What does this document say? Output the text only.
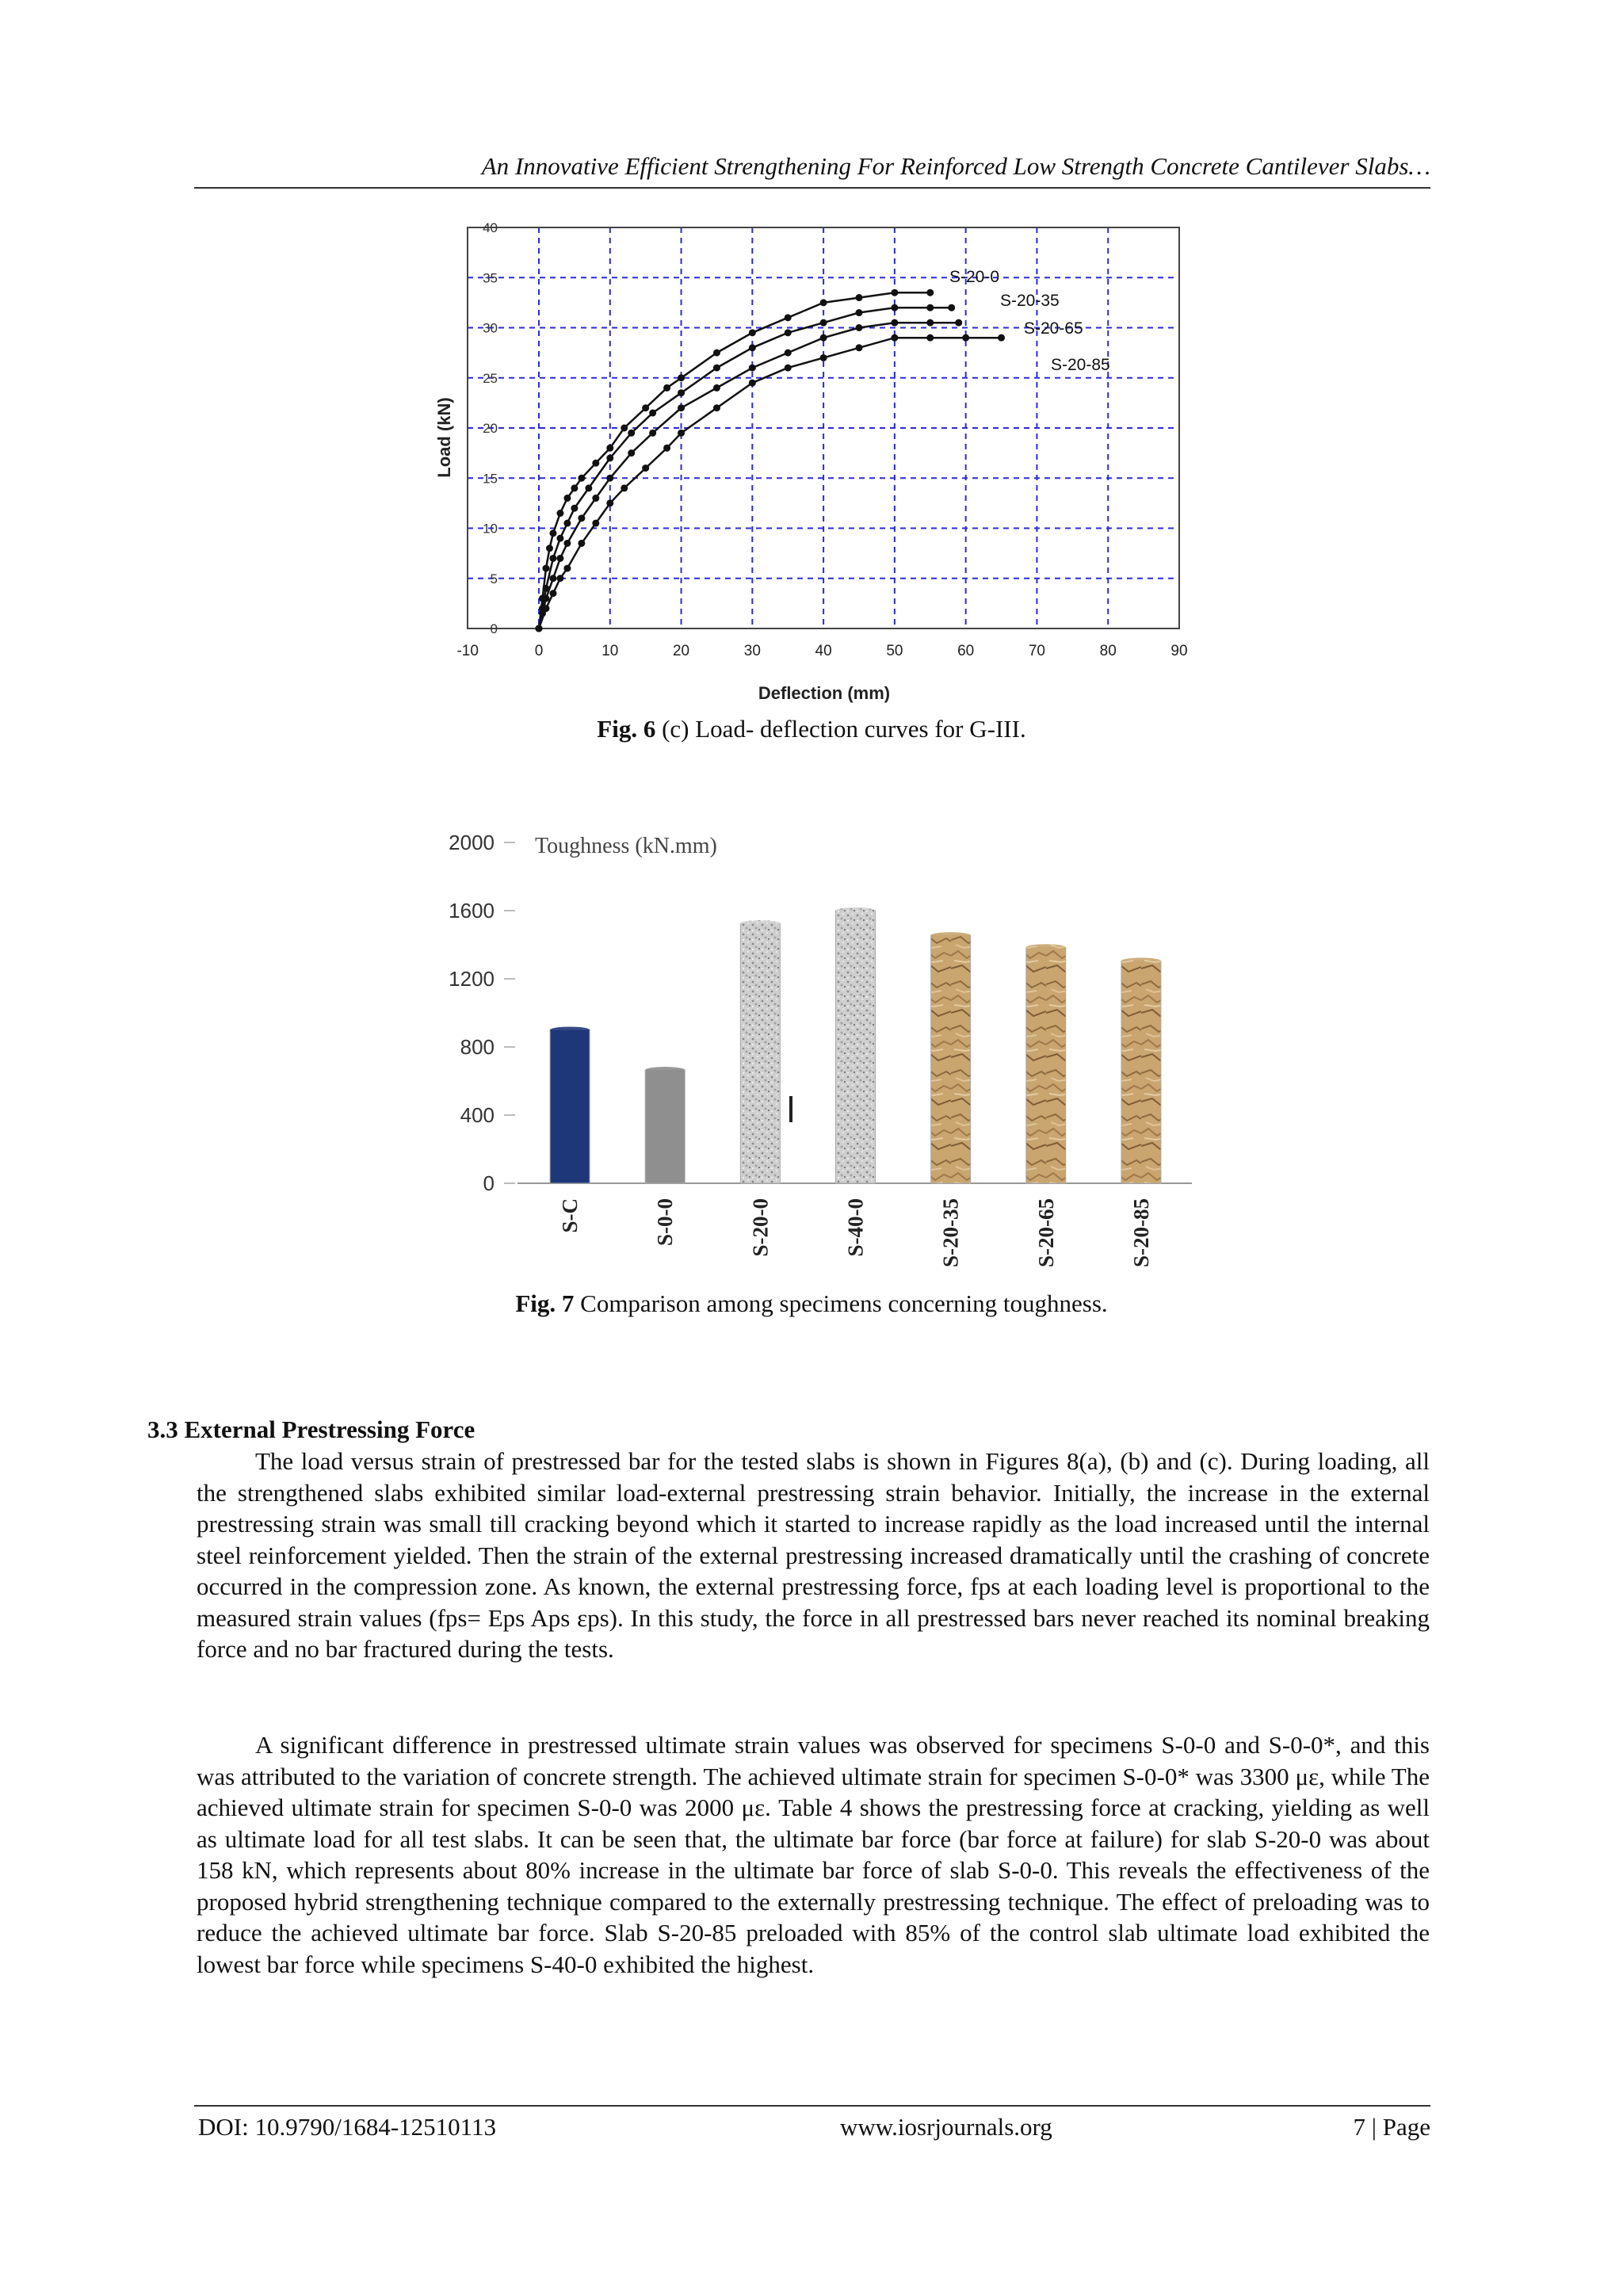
An Innovative Efficient Strengthening For Reinforced Low Strength Concrete Cantilever Slabs…
0
5
10
15
20
25
30
35
40
-10	0	10	20	30	40	50	60	70	80	90
S-20-0
S-20-35
S-20-65
S-20-85
Deflection (mm)
Load (kN)
Fig. 6 (c) Load- deflection curves for G-III.
0
400
800
1200
1600
2000
S-C	S-0-0	S-20-0	S-40-0	S-20-35	S-20-65	S-20-85
Toughness (kN.mm)
Fig. 7 Comparison among specimens concerning toughness.
3.3 External Prestressing Force
The load versus strain of prestressed bar for the tested slabs is shown in Figures 8(a), (b) and (c). During loading, all the strengthened slabs exhibited similar load-external prestressing strain behavior. Initially, the increase in the external prestressing strain was small till cracking beyond which it started to increase rapidly as the load increased until the internal steel reinforcement yielded. Then the strain of the external prestressing increased dramatically until the crashing of concrete occurred in the compression zone. As known, the external prestressing force, fps at each loading level is proportional to the measured strain values (fps= Eps Aps εps). In this study, the force in all prestressed bars never reached its nominal breaking force and no bar fractured during the tests.
A significant difference in prestressed ultimate strain values was observed for specimens S-0-0 and S-0-0*, and this was attributed to the variation of concrete strength. The achieved ultimate strain for specimen S-0-0* was 3300 με, while The achieved ultimate strain for specimen S-0-0 was 2000 με. Table 4 shows the prestressing force at cracking, yielding as well as ultimate load for all test slabs. It can be seen that, the ultimate bar force (bar force at failure) for slab S-20-0 was about 158 kN, which represents about 80% increase in the ultimate bar force of slab S-0-0. This reveals the effectiveness of the proposed hybrid strengthening technique compared to the externally prestressing technique. The effect of preloading was to reduce the achieved ultimate bar force. Slab S-20-85 preloaded with 85% of the control slab ultimate load exhibited the lowest bar force while specimens S-40-0 exhibited the highest.
DOI: 10.9790/1684-12510113	www.iosrjournals.org	7 | Page
